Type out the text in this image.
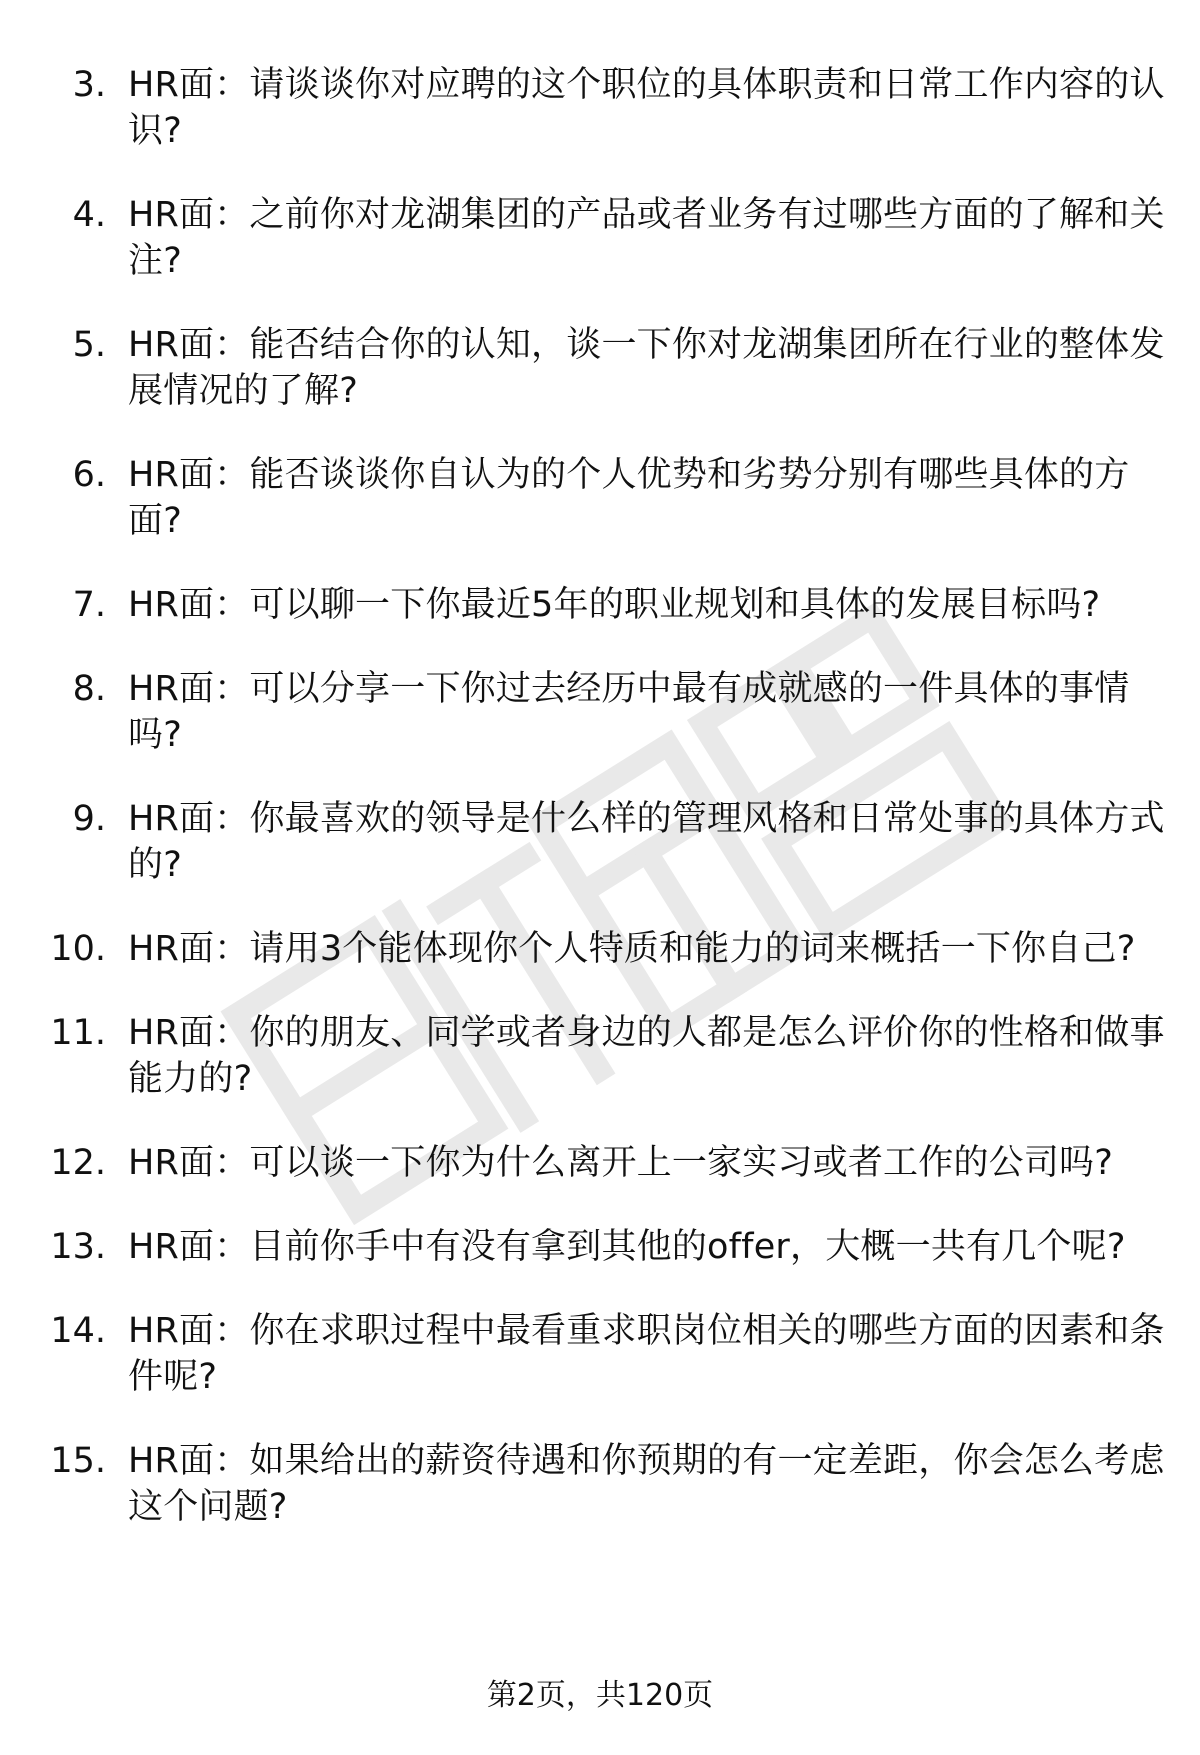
3. HR面：请谈谈你对应聘的这个职位的具体职责和日常工作内容的认识?
4. HR面：之前你对龙湖集团的产品或者业务有过哪些方面的了解和关注?
5. HR面：能否结合你的认知，谈一下你对龙湖集团所在行业的整体发展情况的了解?
6. HR面：能否谈谈你自认为的个人优势和劣势分别有哪些具体的方面?
7. HR面：可以聊一下你最近5年的职业规划和具体的发展目标吗?
8. HR面：可以分享一下你过去经历中最有成就感的一件具体的事情吗?
9. HR面：你最喜欢的领导是什么样的管理风格和日常处事的具体方式的?
10. HR面：请用3个能体现你个人特质和能力的词来概括一下你自己?
11. HR面：你的朋友、同学或者身边的人都是怎么评价你的性格和做事能力的?
12. HR面：可以谈一下你为什么离开上一家实习或者工作的公司吗?
13. HR面：目前你手中有没有拿到其他的offer，大概一共有几个呢?
14. HR面：你在求职过程中最看重求职岗位相关的哪些方面的因素和条件呢?
15. HR面：如果给出的薪资待遇和你预期的有一定差距，你会怎么考虑这个问题?
第2页，共120页
